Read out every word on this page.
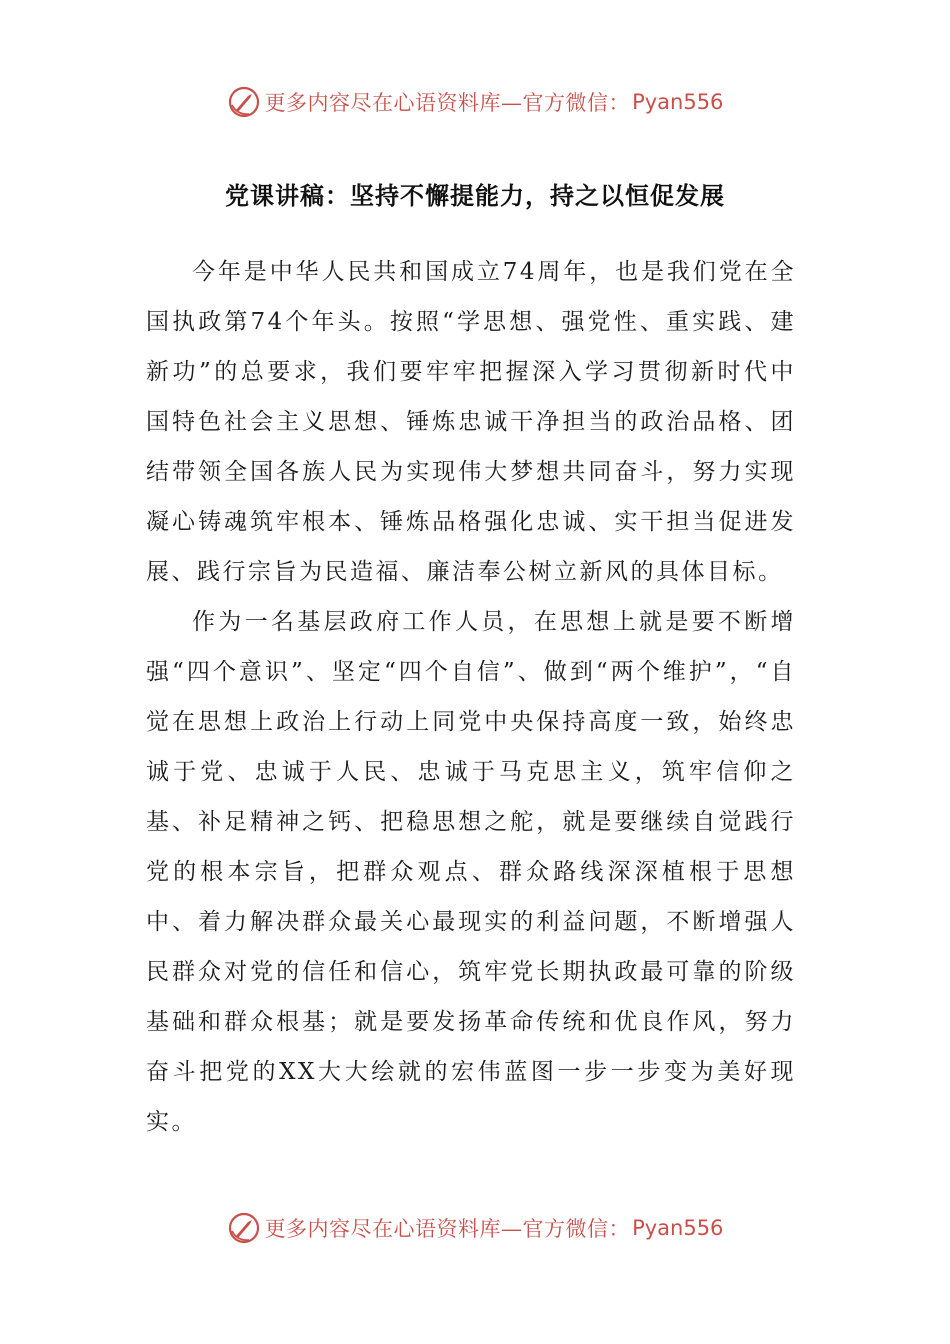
更多内容尽在心语资料库—官方微信： Pyan556
党课讲稿：坚持不懈提能力，持之以恒促发展

今年是中华人民共和国成立74周年，也是我们党在全国执政第74个年头。按照“学思想、强党性、重实践、建新功”的总要求，我们要牢牢把握深入学习贯彻新时代中国特色社会主义思想、锤炼忠诚干净担当的政治品格、团结带领全国各族人民为实现伟大梦想共同奋斗，努力实现凝心铸魂筑牢根本、锤炼品格强化忠诚、实干担当促进发展、践行宗旨为民造福、廉洁奉公树立新风的具体目标。

作为一名基层政府工作人员，在思想上就是要不断增强“四个意识”、坚定“四个自信”、做到“两个维护”，“自觉在思想上政治上行动上同党中央保持高度一致，始终忠诚于党、忠诚于人民、忠诚于马克思主义，筑牢信仰之基、补足精神之钙、把稳思想之舵，就是要继续自觉践行党的根本宗旨，把群众观点、群众路线深深植根于思想中、着力解决群众最关心最现实的利益问题，不断增强人民群众对党的信任和信心，筑牢党长期执政最可靠的阶级基础和群众根基；就是要发扬革命传统和优良作风，努力奋斗把党的XX大大绘就的宏伟蓝图一步一步变为美好现实。

更多内容尽在心语资料库—官方微信： Pyan556
